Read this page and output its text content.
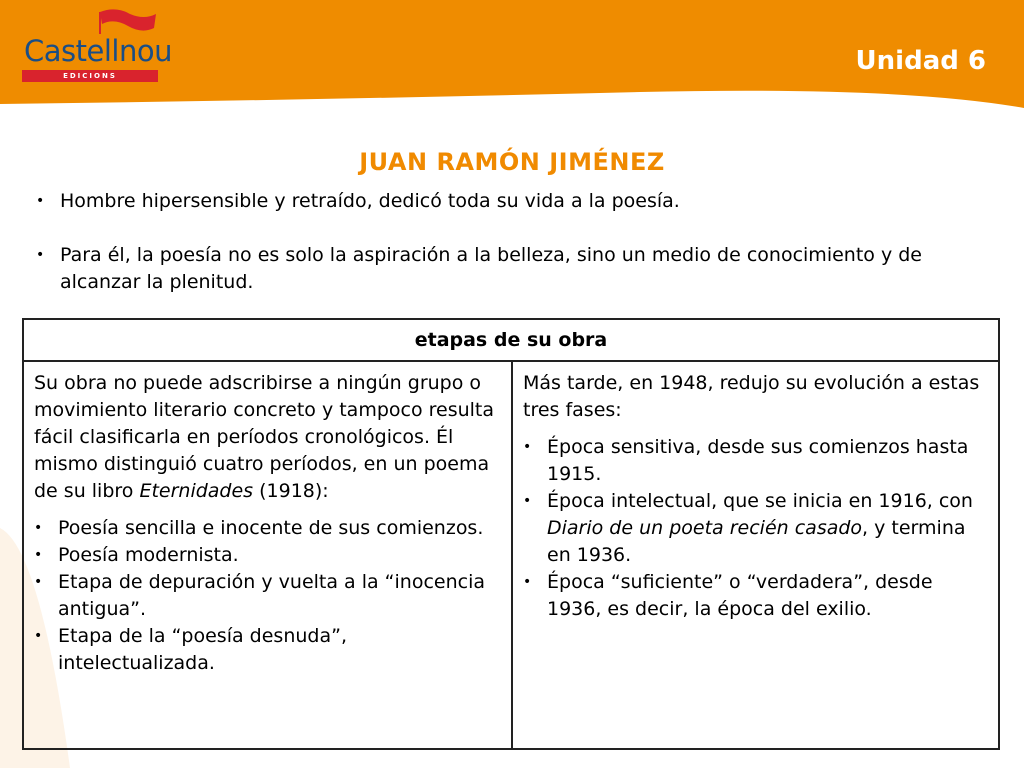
Castellnou
EDICIONS	Unidad 6
JUAN RAMÓN JIMÉNEZ
• Hombre hipersensible y retraído, dedicó toda su vida a la poesía.
• Para él, la poesía no es solo la aspiración a la belleza, sino un medio de conocimiento y de alcanzar la plenitud.
etapas de su obra

Su obra no puede adscribirse a ningún grupo o movimiento literario concreto y tampoco resulta fácil clasificarla en períodos cronológicos. Él mismo distinguió cuatro períodos, en un poema de su libro Eternidades (1918):
• Poesía sencilla e inocente de sus comienzos.
• Poesía modernista.
• Etapa de depuración y vuelta a la “inocencia antigua”.
• Etapa de la “poesía desnuda”, intelectualizada.

Más tarde, en 1948, redujo su evolución a estas tres fases:
• Época sensitiva, desde sus comienzos hasta 1915.
• Época intelectual, que se inicia en 1916, con Diario de un poeta recién casado, y termina en 1936.
• Época “suficiente” o “verdadera”, desde 1936, es decir, la época del exilio.
